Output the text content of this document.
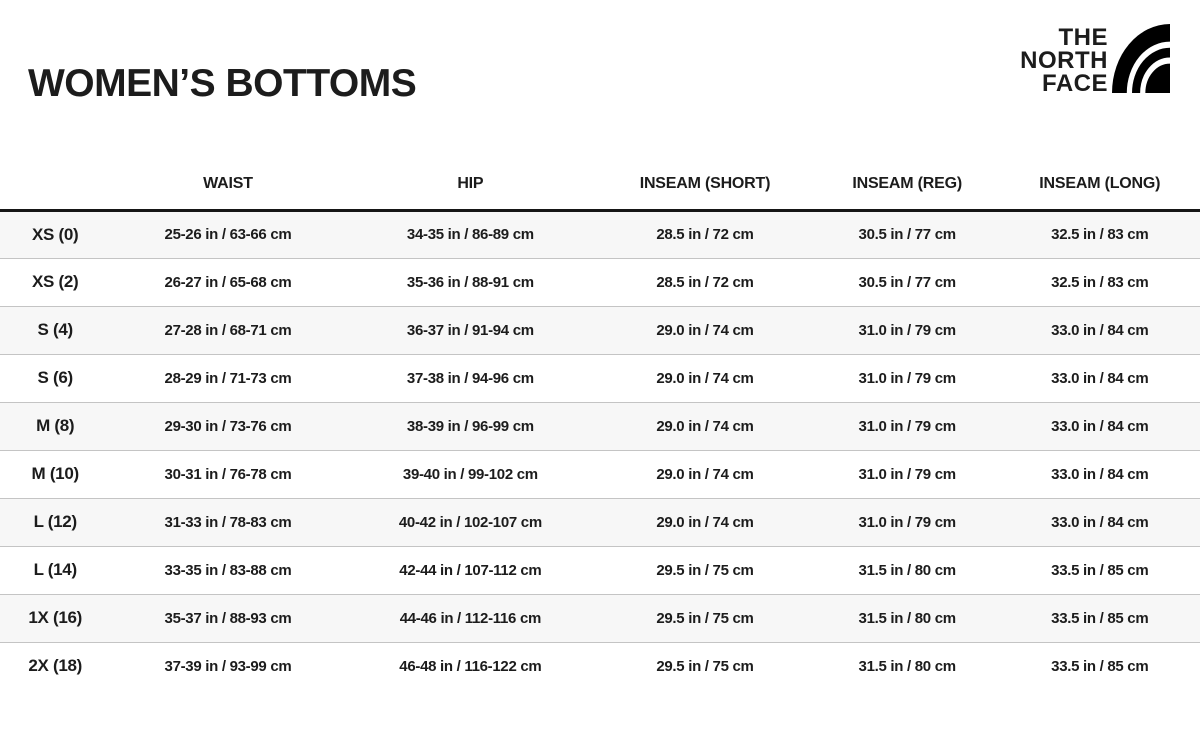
WOMEN’S BOTTOMS
THE
NORTH
FACE
	WAIST	HIP	INSEAM (SHORT)	INSEAM (REG)	INSEAM (LONG)
XS (0)	25-26 in / 63-66 cm	34-35 in / 86-89 cm	28.5 in / 72 cm	30.5 in / 77 cm	32.5 in / 83 cm
XS (2)	26-27 in / 65-68 cm	35-36 in / 88-91 cm	28.5 in / 72 cm	30.5 in / 77 cm	32.5 in / 83 cm
S (4)	27-28 in / 68-71 cm	36-37 in / 91-94 cm	29.0 in / 74 cm	31.0 in / 79 cm	33.0 in / 84 cm
S (6)	28-29 in / 71-73 cm	37-38 in / 94-96 cm	29.0 in / 74 cm	31.0 in / 79 cm	33.0 in / 84 cm
M (8)	29-30 in / 73-76 cm	38-39 in / 96-99 cm	29.0 in / 74 cm	31.0 in / 79 cm	33.0 in / 84 cm
M (10)	30-31 in / 76-78 cm	39-40 in / 99-102 cm	29.0 in / 74 cm	31.0 in / 79 cm	33.0 in / 84 cm
L (12)	31-33 in / 78-83 cm	40-42 in / 102-107 cm	29.0 in / 74 cm	31.0 in / 79 cm	33.0 in / 84 cm
L (14)	33-35 in / 83-88 cm	42-44 in / 107-112 cm	29.5 in / 75 cm	31.5 in / 80 cm	33.5 in / 85 cm
1X (16)	35-37 in / 88-93 cm	44-46 in / 112-116 cm	29.5 in / 75 cm	31.5 in / 80 cm	33.5 in / 85 cm
2X (18)	37-39 in / 93-99 cm	46-48 in / 116-122 cm	29.5 in / 75 cm	31.5 in / 80 cm	33.5 in / 85 cm
